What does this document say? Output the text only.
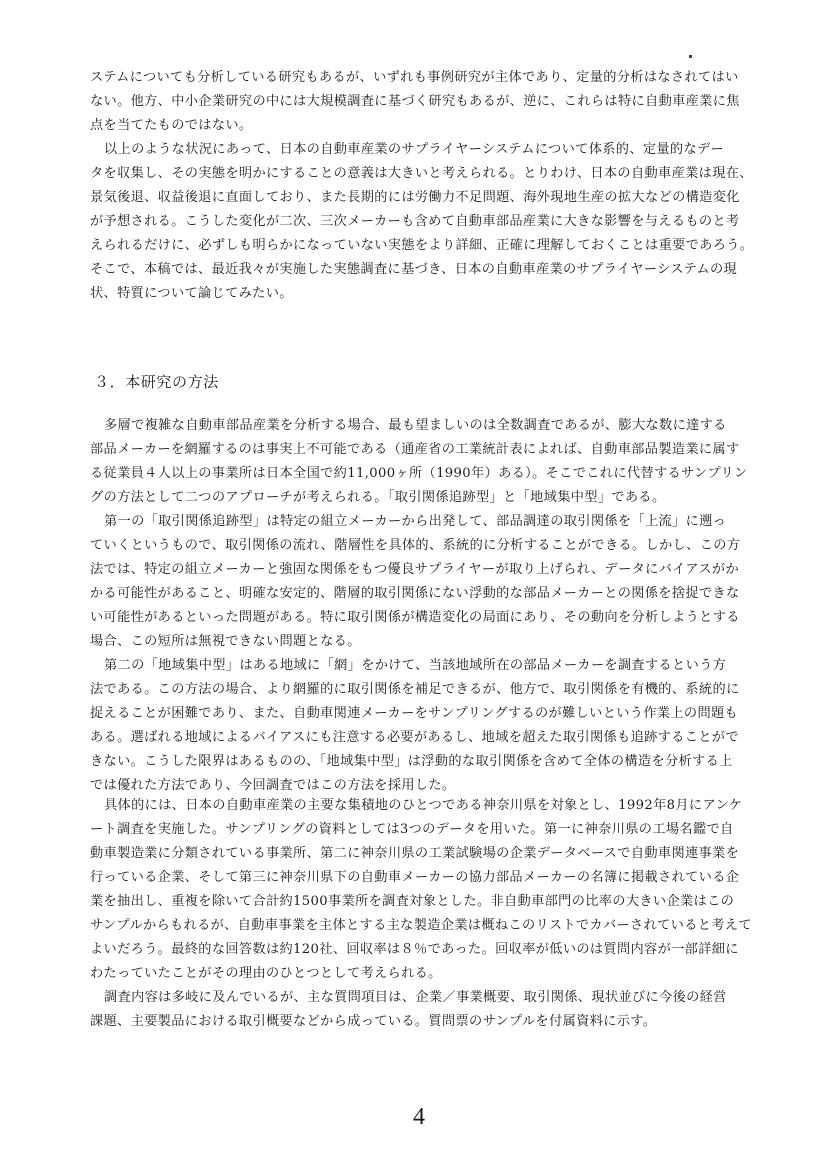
ステムについても分析している研究もあるが、いずれも事例研究が主体であり、定量的分析はなされてはい
ない。他方、中小企業研究の中には大規模調査に基づく研究もあるが、逆に、これらは特に自動車産業に焦
点を当てたものではない。
以上のような状況にあって、日本の自動車産業のサプライヤーシステムについて体系的、定量的なデー
タを収集し、その実態を明かにすることの意義は大きいと考えられる。とりわけ、日本の自動車産業は現在、
景気後退、収益後退に直面しており、また長期的には労働力不足問題、海外現地生産の拡大などの構造変化
が予想される。こうした変化が二次、三次メーカーも含めて自動車部品産業に大きな影響を与えるものと考
えられるだけに、必ずしも明らかになっていない実態をより詳細、正確に理解しておくことは重要であろう。
そこで、本稿では、最近我々が実施した実態調査に基づき、日本の自動車産業のサプライヤーシステムの現
状、特質について論じてみたい。
３．本研究の方法
多層で複雑な自動車部品産業を分析する場合、最も望ましいのは全数調査であるが、膨大な数に達する
部品メーカーを網羅するのは事実上不可能である（通産省の工業統計表によれば、自動車部品製造業に属す
る従業員４人以上の事業所は日本全国で約11,000ヶ所（1990年）ある）。そこでこれに代替するサンプリン
グの方法として二つのアプローチが考えられる。「取引関係追跡型」と「地域集中型」である。
第一の「取引関係追跡型」は特定の組立メーカーから出発して、部品調達の取引関係を「上流」に遡っ
ていくというもので、取引関係の流れ、階層性を具体的、系統的に分析することができる。しかし、この方
法では、特定の組立メーカーと強固な関係をもつ優良サプライヤーが取り上げられ、データにバイアスがか
かる可能性があること、明確な安定的、階層的取引関係にない浮動的な部品メーカーとの関係を捨捉できな
い可能性があるといった問題がある。特に取引関係が構造変化の局面にあり、その動向を分析しようとする
場合、この短所は無視できない問題となる。
第二の「地域集中型」はある地域に「網」をかけて、当該地域所在の部品メーカーを調査するという方
法である。この方法の場合、より網羅的に取引関係を補足できるが、他方で、取引関係を有機的、系統的に
捉えることが困難であり、また、自動車関連メーカーをサンプリングするのが難しいという作業上の問題も
ある。選ばれる地域によるバイアスにも注意する必要があるし、地域を超えた取引関係も追跡することがで
きない。こうした限界はあるものの、「地域集中型」は浮動的な取引関係を含めて全体の構造を分析する上
では優れた方法であり、今回調査ではこの方法を採用した。
具体的には、日本の自動車産業の主要な集積地のひとつである神奈川県を対象とし、1992年8月にアンケ
ート調査を実施した。サンプリングの資料としては3つのデータを用いた。第一に神奈川県の工場名鑑で自
動車製造業に分類されている事業所、第二に神奈川県の工業試験場の企業データベースで自動車関連事業を
行っている企業、そして第三に神奈川県下の自動車メーカーの協力部品メーカーの名簿に掲載されている企
業を抽出し、重複を除いて合計約1500事業所を調査対象とした。非自動車部門の比率の大きい企業はこの
サンプルからもれるが、自動車事業を主体とする主な製造企業は概ねこのリストでカバーされていると考えて
よいだろう。最終的な回答数は約120社、回収率は８％であった。回収率が低いのは質問内容が一部詳細に
わたっていたことがその理由のひとつとして考えられる。
調査内容は多岐に及んでいるが、主な質問項目は、企業／事業概要、取引関係、現状並びに今後の経営
課題、主要製品における取引概要などから成っている。質問票のサンプルを付属資料に示す。
4
